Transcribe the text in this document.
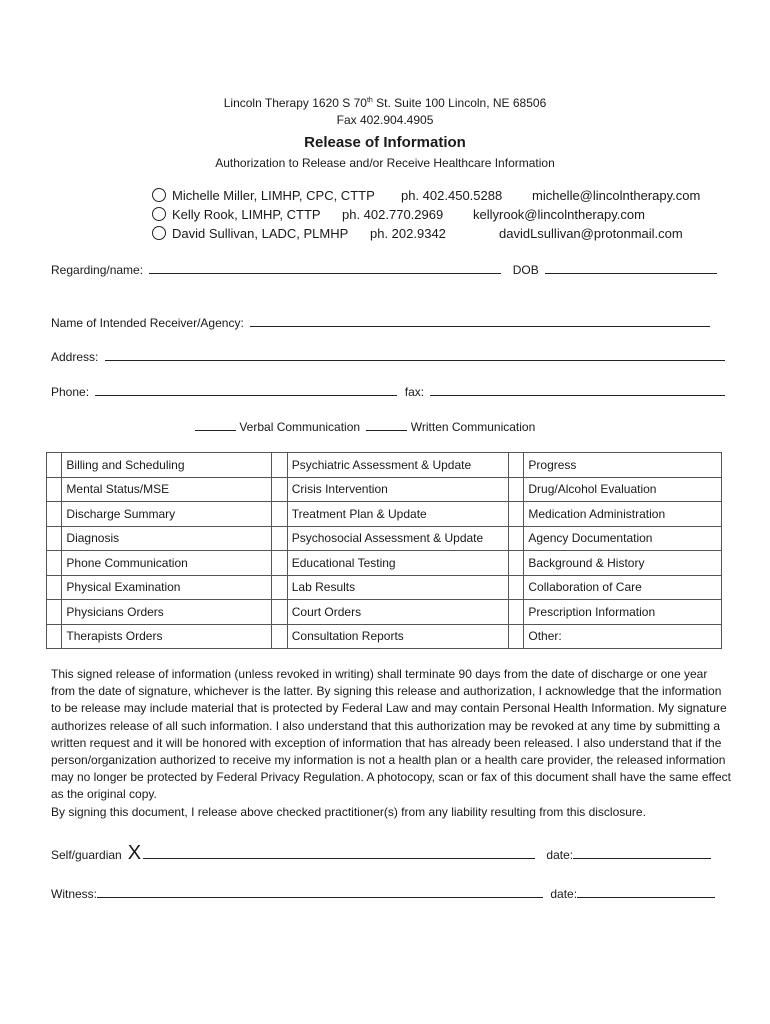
Lincoln Therapy 1620 S 70th St. Suite 100 Lincoln, NE 68506
Fax 402.904.4905
Release of Information
Authorization to Release and/or Receive Healthcare Information
Michelle Miller, LIMHP, CPC, CTTP ph. 402.450.5288 michelle@lincolntherapy.com
Kelly Rook, LIMHP, CTTP ph. 402.770.2969 kellyrook@lincolntherapy.com
David Sullivan, LADC, PLMHP ph. 202.9342	davidLsullivan@protonmail.com
Regarding/name:	DOB
Name of Intended Receiver/Agency:
Address:
Phone:	fax:
Verbal Communication	Written Communication
	Billing and Scheduling		Psychiatric Assessment & Update		Progress
	Mental Status/MSE		Crisis Intervention		Drug/Alcohol Evaluation
	Discharge Summary		Treatment Plan & Update		Medication Administration
	Diagnosis		Psychosocial Assessment & Update		Agency Documentation
	Phone Communication		Educational Testing		Background & History
	Physical Examination		Lab Results		Collaboration of Care
	Physicians Orders		Court Orders		Prescription Information
	Therapists Orders		Consultation Reports		Other:

This signed release of information (unless revoked in writing) shall terminate 90 days from the date of discharge or one year from the date of signature, whichever is the latter. By signing this release and authorization, I acknowledge that the information to be release may include material that is protected by Federal Law and may contain Personal Health Information. My signature authorizes release of all such information. I also understand that this authorization may be revoked at any time by submitting a written request and it will be honored with exception of information that has already been released. I also understand that if the person/organization authorized to receive my information is not a health plan or a health care provider, the released information may no longer be protected by Federal Privacy Regulation. A photocopy, scan or fax of this document shall have the same effect as the original copy.

By signing this document, I release above checked practitioner(s) from any liability resulting from this disclosure.

Self/guardian X	date:
Witness:	date:
